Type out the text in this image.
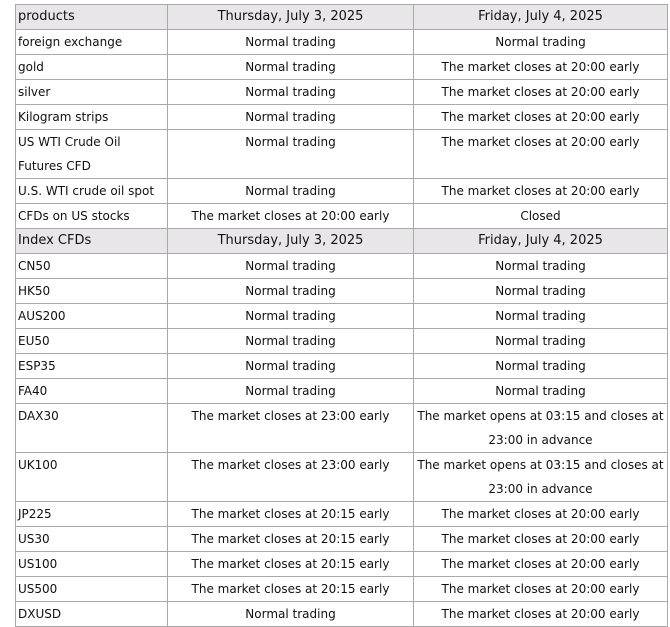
products	Thursday, July 3, 2025	Friday, July 4, 2025
foreign exchange	Normal trading	Normal trading
gold	Normal trading	The market closes at 20:00 early
silver	Normal trading	The market closes at 20:00 early
Kilogram strips	Normal trading	The market closes at 20:00 early
US WTI Crude Oil Futures CFD	Normal trading	The market closes at 20:00 early
U.S. WTI crude oil spot	Normal trading	The market closes at 20:00 early
CFDs on US stocks	The market closes at 20:00 early	Closed
Index CFDs	Thursday, July 3, 2025	Friday, July 4, 2025
CN50	Normal trading	Normal trading
HK50	Normal trading	Normal trading
AUS200	Normal trading	Normal trading
EU50	Normal trading	Normal trading
ESP35	Normal trading	Normal trading
FA40	Normal trading	Normal trading
DAX30	The market closes at 23:00 early	The market opens at 03:15 and closes at 23:00 in advance
UK100	The market closes at 23:00 early	The market opens at 03:15 and closes at 23:00 in advance
JP225	The market closes at 20:15 early	The market closes at 20:00 early
US30	The market closes at 20:15 early	The market closes at 20:00 early
US100	The market closes at 20:15 early	The market closes at 20:00 early
US500	The market closes at 20:15 early	The market closes at 20:00 early
DXUSD	Normal trading	The market closes at 20:00 early
